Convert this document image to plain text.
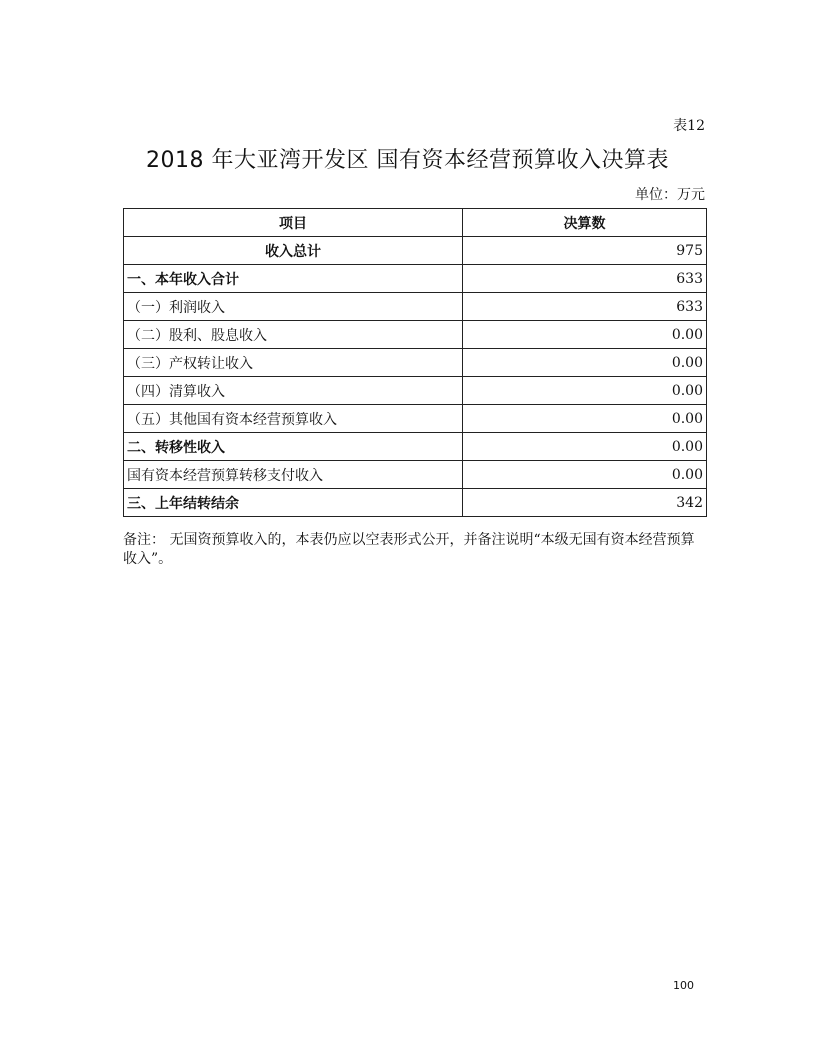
表12
2018 年大亚湾开发区 国有资本经营预算收入决算表
单位：万元
项目	决算数
收入总计	975
一、本年收入合计	633
（一）利润收入	633
（二）股利、股息收入	0.00
（三）产权转让收入	0.00
（四）清算收入	0.00
（五）其他国有资本经营预算收入	0.00
二、转移性收入	0.00
国有资本经营预算转移支付收入	0.00
三、上年结转结余	342
备注： 无国资预算收入的，本表仍应以空表形式公开，并备注说明“本级无国有资本经营预算收入”。
100
